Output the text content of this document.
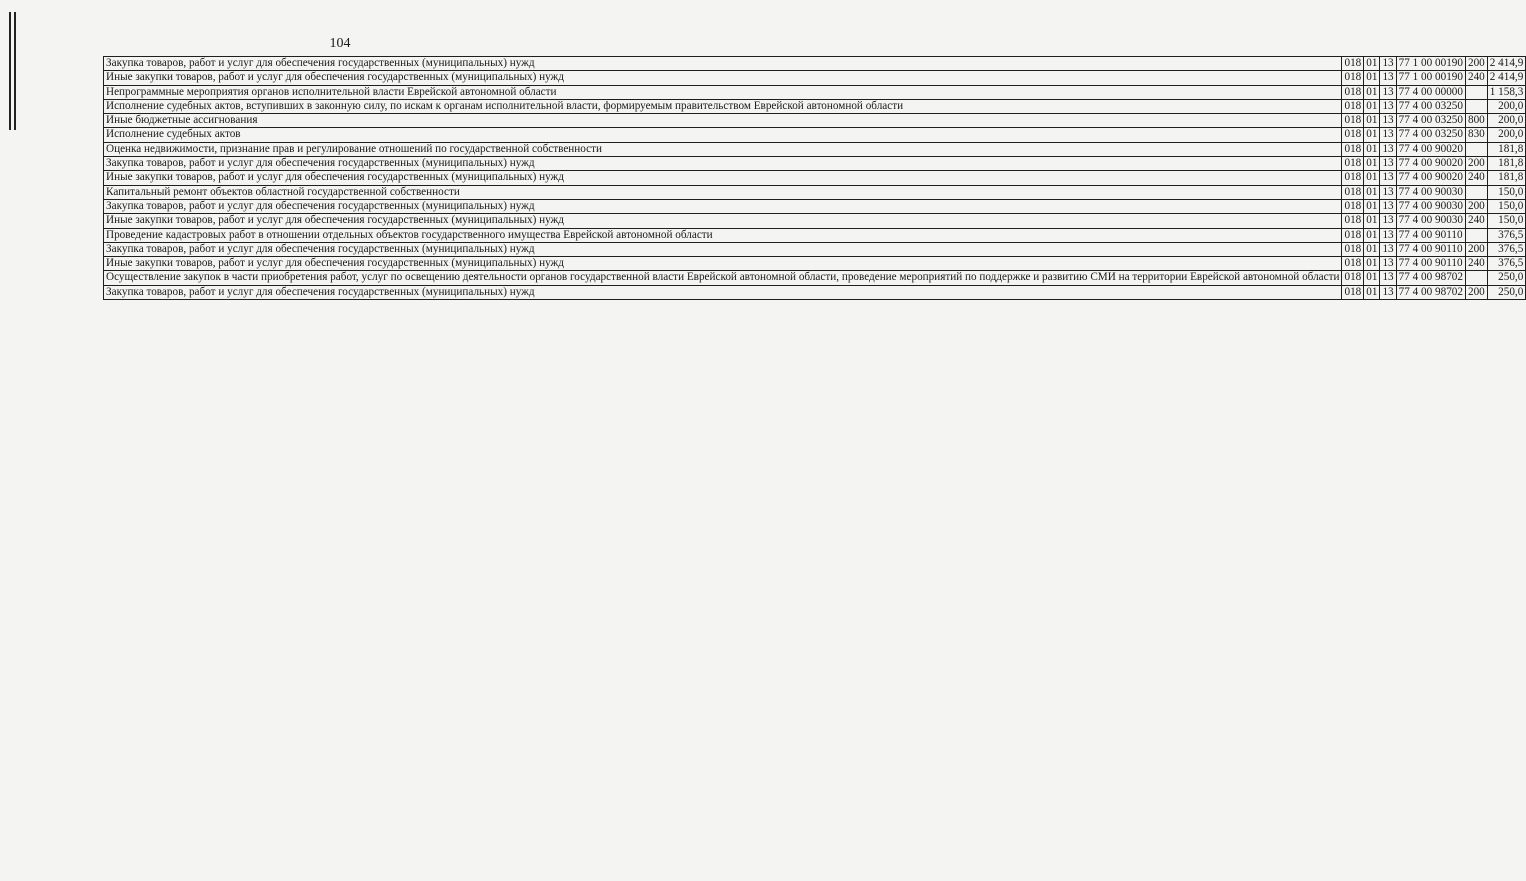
104
Закупка товаров, работ и услуг для обеспечения государственных (муниципальных) нужд	018	01	13	77 1 00 00190	200	2 414,9
Иные закупки товаров, работ и услуг для обеспечения государственных (муниципальных) нужд	018	01	13	77 1 00 00190	240	2 414,9
Непрограммные мероприятия органов исполнительной власти Еврейской автономной области	018	01	13	77 4 00 00000		1 158,3
Исполнение судебных актов, вступивших в законную силу, по искам к органам исполнительной власти, формируемым правительством Еврейской автономной области	018	01	13	77 4 00 03250		200,0
Иные бюджетные ассигнования	018	01	13	77 4 00 03250	800	200,0
Исполнение судебных актов	018	01	13	77 4 00 03250	830	200,0
Оценка недвижимости, признание прав и регулирование отношений по государственной собственности	018	01	13	77 4 00 90020		181,8
Закупка товаров, работ и услуг для обеспечения государственных (муниципальных) нужд	018	01	13	77 4 00 90020	200	181,8
Иные закупки товаров, работ и услуг для обеспечения государственных (муниципальных) нужд	018	01	13	77 4 00 90020	240	181,8
Капитальный ремонт объектов областной государственной собственности	018	01	13	77 4 00 90030		150,0
Закупка товаров, работ и услуг для обеспечения государственных (муниципальных) нужд	018	01	13	77 4 00 90030	200	150,0
Иные закупки товаров, работ и услуг для обеспечения государственных (муниципальных) нужд	018	01	13	77 4 00 90030	240	150,0
Проведение кадастровых работ в отношении отдельных объектов государственного имущества Еврейской автономной области	018	01	13	77 4 00 90110		376,5
Закупка товаров, работ и услуг для обеспечения государственных (муниципальных) нужд	018	01	13	77 4 00 90110	200	376,5
Иные закупки товаров, работ и услуг для обеспечения государственных (муниципальных) нужд	018	01	13	77 4 00 90110	240	376,5
Осуществление закупок в части приобретения работ, услуг по освещению деятельности органов государственной власти Еврейской автономной области, проведение мероприятий по поддержке и развитию СМИ на территории Еврейской автономной области	018	01	13	77 4 00 98702		250,0
Закупка товаров, работ и услуг для обеспечения государственных (муниципальных) нужд	018	01	13	77 4 00 98702	200	250,0
